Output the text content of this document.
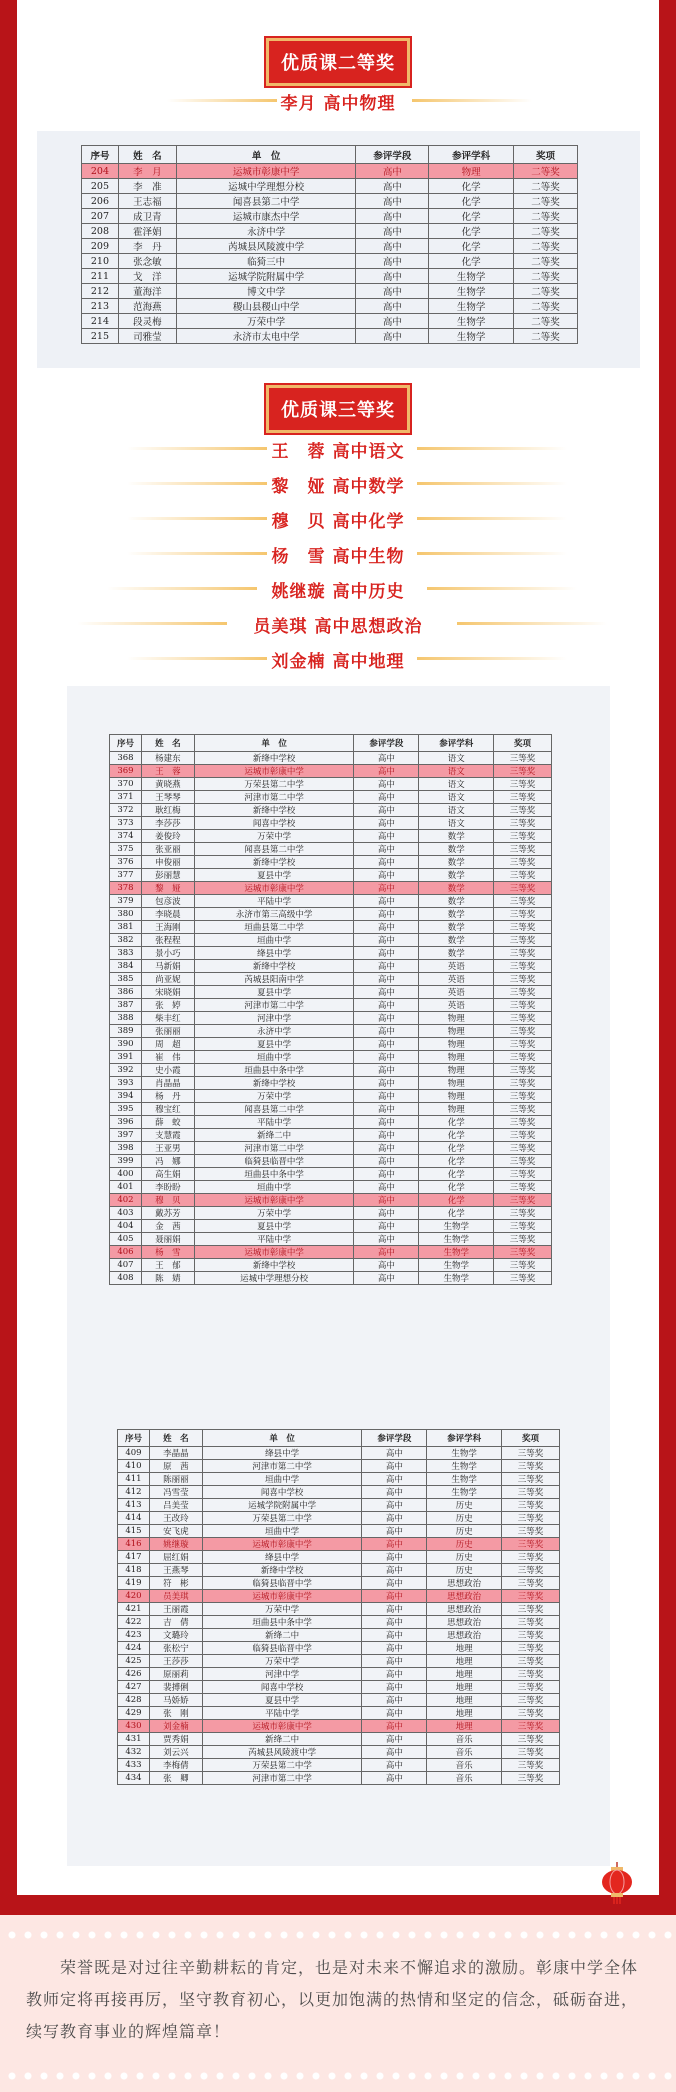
优质课二等奖
李月 高中物理
序号	姓　名	单　位	参评学段	参评学科	奖项
204	李　月	运城市彰康中学	高中	物理	二等奖
205	李　准	运城中学理想分校	高中	化学	二等奖
206	王志福	闻喜县第二中学	高中	化学	二等奖
207	成卫青	运城市康杰中学	高中	化学	二等奖
208	霍泽娟	永济中学	高中	化学	二等奖
209	李　丹	芮城县风陵渡中学	高中	化学	二等奖
210	张念敏	临猗三中	高中	化学	二等奖
211	戈　洋	运城学院附属中学	高中	生物学	二等奖
212	董海洋	博文中学	高中	生物学	二等奖
213	范海燕	稷山县稷山中学	高中	生物学	二等奖
214	段灵梅	万荣中学	高中	生物学	二等奖
215	司雅莹	永济市太电中学	高中	生物学	二等奖
优质课三等奖
王　蓉 高中语文
黎　娅 高中数学
穆　贝 高中化学
杨　雪 高中生物
姚继璇 高中历史
员美琪 高中思想政治
刘金楠 高中地理
序号	姓　名	单　位	参评学段	参评学科	奖项
368	杨建东	新绛中学校	高中	语文	三等奖
369	王　蓉	运城市彰康中学	高中	语文	三等奖
370	黄晓燕	万荣县第二中学	高中	语文	三等奖
371	王琴琴	河津市第二中学	高中	语文	三等奖
372	耿红梅	新绛中学校	高中	语文	三等奖
373	李莎莎	闻喜中学校	高中	语文	三等奖
374	姜俊玲	万荣中学	高中	数学	三等奖
375	张亚丽	闻喜县第二中学	高中	数学	三等奖
376	申俊丽	新绛中学校	高中	数学	三等奖
377	彭丽慧	夏县中学	高中	数学	三等奖
378	黎　娅	运城市彰康中学	高中	数学	三等奖
379	包彦波	平陆中学	高中	数学	三等奖
380	李晓晨	永济市第三高级中学	高中	数学	三等奖
381	王海刚	垣曲县第二中学	高中	数学	三等奖
382	张程程	垣曲中学	高中	数学	三等奖
383	景小巧	绛县中学	高中	数学	三等奖
384	马新娟	新绛中学校	高中	英语	三等奖
385	尚亚妮	芮城县阳南中学	高中	英语	三等奖
386	宋晓娟	夏县中学	高中	英语	三等奖
387	张　婷	河津市第二中学	高中	英语	三等奖
388	柴丰红	河津中学	高中	物理	三等奖
389	张丽丽	永济中学	高中	物理	三等奖
390	周　超	夏县中学	高中	物理	三等奖
391	崔　伟	垣曲中学	高中	物理	三等奖
392	史小霞	垣曲县中条中学	高中	物理	三等奖
393	肖晶晶	新绛中学校	高中	物理	三等奖
394	杨　丹	万荣中学	高中	物理	三等奖
395	穆宝红	闻喜县第二中学	高中	物理	三等奖
396	薛　蛟	平陆中学	高中	化学	三等奖
397	支慧霞	新绛二中	高中	化学	三等奖
398	王亚男	河津市第二中学	高中	化学	三等奖
399	冯　娜	临猗县临晋中学	高中	化学	三等奖
400	高生娟	垣曲县中条中学	高中	化学	三等奖
401	李盼盼	垣曲中学	高中	化学	三等奖
402	穆　贝	运城市彰康中学	高中	化学	三等奖
403	戴苏芳	万荣中学	高中	化学	三等奖
404	金　茜	夏县中学	高中	生物学	三等奖
405	聂丽娟	平陆中学	高中	生物学	三等奖
406	杨　雪	运城市彰康中学	高中	生物学	三等奖
407	王　郁	新绛中学校	高中	生物学	三等奖
408	陈　婧	运城中学理想分校	高中	生物学	三等奖
序号	姓　名	单　位	参评学段	参评学科	奖项
409	李晶晶	绛县中学	高中	生物学	三等奖
410	原　茜	河津市第二中学	高中	生物学	三等奖
411	陈丽丽	垣曲中学	高中	生物学	三等奖
412	冯雪莹	闻喜中学校	高中	生物学	三等奖
413	吕美莹	运城学院附属中学	高中	历史	三等奖
414	王改玲	万荣县第二中学	高中	历史	三等奖
415	安飞虎	垣曲中学	高中	历史	三等奖
416	姚继璇	运城市彰康中学	高中	历史	三等奖
417	屈红娟	绛县中学	高中	历史	三等奖
418	王燕琴	新绛中学校	高中	历史	三等奖
419	符　彬	临猗县临晋中学	高中	思想政治	三等奖
420	员美琪	运城市彰康中学	高中	思想政治	三等奖
421	王丽霞	万荣中学	高中	思想政治	三等奖
422	吉　倩	垣曲县中条中学	高中	思想政治	三等奖
423	文璐玲	新绛二中	高中	思想政治	三等奖
424	张松宁	临猗县临晋中学	高中	地理	三等奖
425	王莎莎	万荣中学	高中	地理	三等奖
426	原丽莉	河津中学	高中	地理	三等奖
427	裴搏俐	闻喜中学校	高中	地理	三等奖
428	马娇娇	夏县中学	高中	地理	三等奖
429	张　刚	平陆中学	高中	地理	三等奖
430	刘金楠	运城市彰康中学	高中	地理	三等奖
431	贾秀娟	新绛二中	高中	音乐	三等奖
432	刘云兴	芮城县风陵渡中学	高中	音乐	三等奖
433	李梅倩	万荣县第二中学	高中	音乐	三等奖
434	张　卿	河津市第二中学	高中	音乐	三等奖
荣誉既是对过往辛勤耕耘的肯定，也是对未来不懈追求的激励。彰康中学全体教师定将再接再厉，坚守教育初心，以更加饱满的热情和坚定的信念，砥砺奋进，续写教育事业的辉煌篇章！
